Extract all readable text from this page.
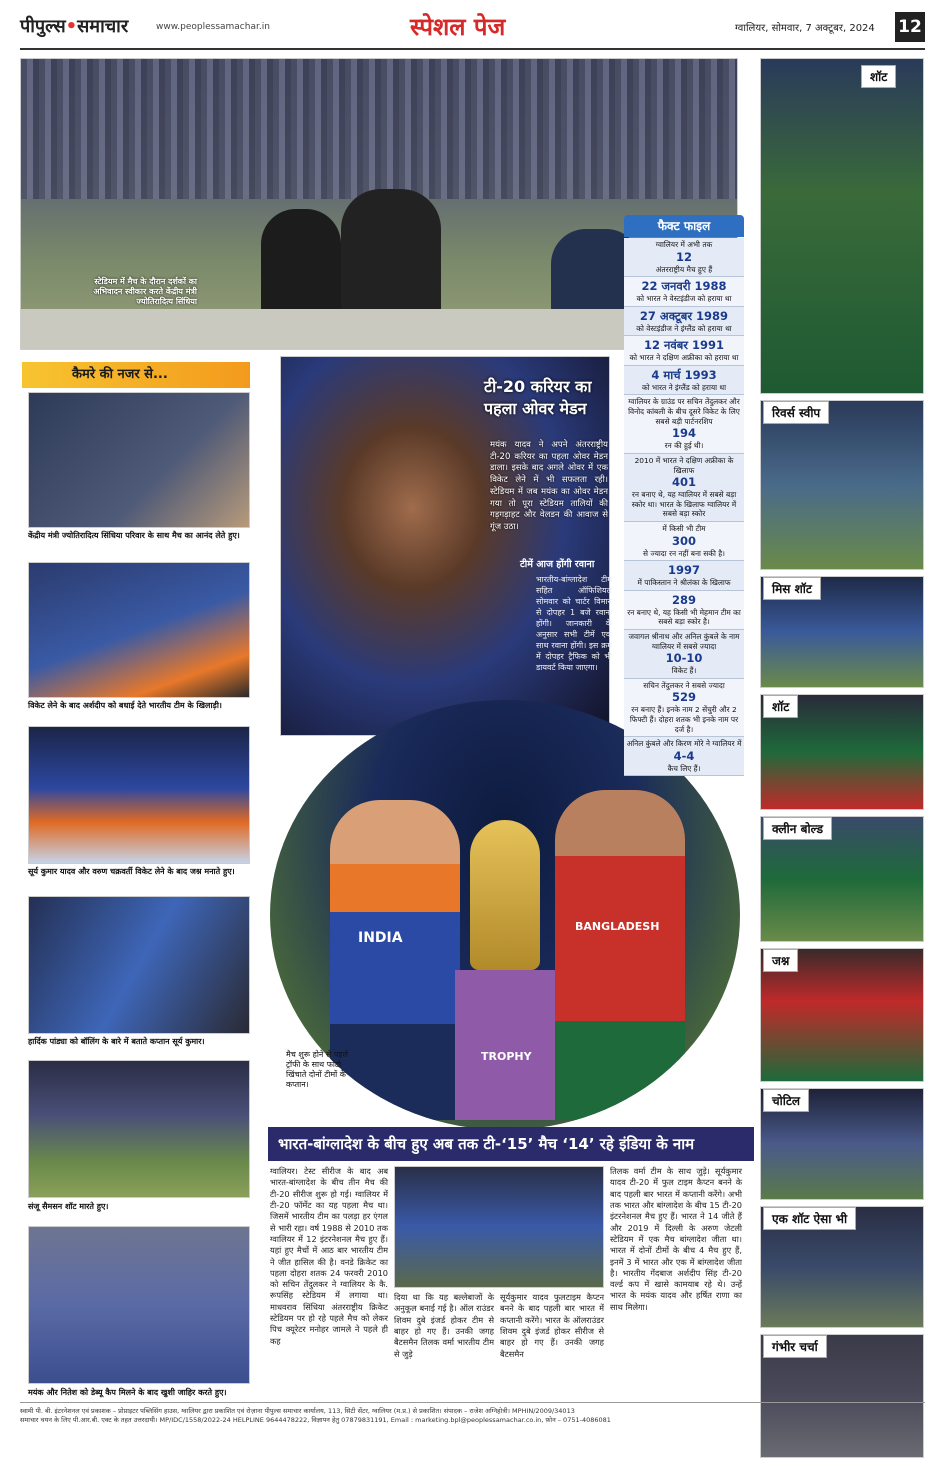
पीपुल्स•समाचार	www.peoplessamachar.in	स्पेशल पेज	ग्वालियर, सोमवार, 7 अक्टूबर, 2024 12
स्टेडियम में मैच के दौरान दर्शकों का अभिवादन स्वीकार करते केंद्रीय मंत्री ज्योतिरादित्य सिंधिया
कैमरे की नजर से...
केंद्रीय मंत्री ज्योतिरादित्य सिंधिया परिवार के साथ मैच का आनंद लेते हुए।
विकेट लेने के बाद अर्शदीप को बधाई देते भारतीय टीम के खिलाड़ी।
सूर्य कुमार यादव और वरुण चक्रवर्ती विकेट लेने के बाद जश्न मनाते हुए।
हार्दिक पांड्या को बॉलिंग के बारे में बताते कप्तान सूर्य कुमार।
संजू सैमसन शॉट मारते हुए।
मयंक और नितेश को डेब्यू कैप मिलने के बाद खुशी जाहिर करते हुए।
टी-20 करियर का पहला ओवर मेडन
मयंक यादव ने अपने अंतरराष्ट्रीय टी-20 करियर का पहला ओवर मेडन डाला। इसके बाद अगले ओवर में एक विकेट लेने में भी सफलता रही। स्टेडियम में जब मयंक का ओवर मेडन गया तो पूरा स्टेडियम तालियों की गड़गड़ाहट और वेलडन की आवाज से गूंज उठा।
टीमें आज होंगी रवाना
भारतीय-बांग्लादेश टीम सहित ऑफिशियल सोमवार को चार्टर विमान से दोपहर 1 बजे रवाना होंगी। जानकारी के अनुसार सभी टीमें एक साथ रवाना होंगी। इस क्रम में दोपहर ट्रैफिक को भी डायवर्ट किया जाएगा।
INDIA
TROPHY
BANGLADESH
मैच शुरू होने से पहले ट्रॉफी के साथ फोटो खिंचाते दोनों टीमों के कप्तान।
फैक्ट फाइल
ग्वालियर में अभी तक
12
अंतरराष्ट्रीय मैच हुए हैं
22 जनवरी 1988
को भारत ने वेस्टइंडीज को हराया था
27 अक्टूबर 1989
को वेस्टइंडीज ने इंग्लैंड को हराया था
12 नवंबर 1991
को भारत ने दक्षिण अफ्रीका को हराया था
4 मार्च 1993
को भारत ने इंग्लैंड को हराया था
ग्वालियर के ग्राउंड पर सचिन तेंदुलकर और विनोद कांबली के बीच दूसरे विकेट के लिए सबसे बड़ी पार्टनरशिप
194
रन की हुई थी।
2010 में भारत ने दक्षिण अफ्रीका के खिलाफ
401
रन बनाए थे, यह ग्वालियर में सबसे बड़ा स्कोर था। भारत के खिलाफ ग्वालियर में सबसे बड़ा स्कोर
में किसी भी टीम
300
से ज्यादा रन नहीं बना सकी है।
1997
में पाकिस्तान ने श्रीलंका के खिलाफ
289
रन बनाए थे, यह किसी भी मेहमान टीम का सबसे बड़ा स्कोर है।
जवागल श्रीनाथ और अनिल कुंबले के नाम ग्वालियर में सबसे ज्यादा
10-10
विकेट हैं।
सचिन तेंदुलकर ने सबसे ज्यादा
529
रन बनाए हैं। इनके नाम 2 सेंचुरी और 2 फिफ्टी हैं। दोहरा शतक भी इनके नाम पर दर्ज है।
अनिल कुंबले और किरण मोरे ने ग्वालियर में
4-4
कैच लिए हैं।
शॉट
रिवर्स स्वीप
मिस शॉट
शॉट
क्लीन बोल्ड
जश्न
चोटिल
एक शॉट ऐसा भी
गंभीर चर्चा
भारत-बांग्लादेश के बीच हुए अब तक टी-‘15’ मैच ‘14’ रहे इंडिया के नाम
ग्वालियर। टेस्ट सीरीज के बाद अब भारत-बांग्लादेश के बीच तीन मैच की टी-20 सीरीज शुरू हो गई। ग्वालियर में टी-20 फॉर्मेट का यह पहला मैच था। जिसमें भारतीय टीम का पलड़ा हर एंगल से भारी रहा। वर्ष 1988 से 2010 तक ग्वालियर में 12 इंटरनेशनल मैच हुए हैं। यहां हुए मैचों में आठ बार भारतीय टीम ने जीत हासिल की है। वनडे क्रिकेट का पहला दोहरा शतक 24 फरवरी 2010 को सचिन तेंदुलकर ने ग्वालियर के कै. रूपसिंह स्टेडियम में लगाया था। माधवराव सिंधिया अंतरराष्ट्रीय क्रिकेट स्टेडियम पर हो रहे पहले मैच को लेकर पिच क्यूरेटर मनोहर जामले ने पहले ही कह
दिया था कि यह बल्लेबाजों के अनुकूल बनाई गई है। ऑल राउंडर शिवम दुबे इंजर्ड होकर टीम से बाहर हो गए हैं। उनकी जगह बैटसमैन तिलक वर्मा भारतीय टीम से जुड़े
सूर्यकुमार यादव फुलटाइम कैप्टन बनने के बाद पहली बार भारत में कप्तानी करेंगे। भारत के ऑलराउंडर शिवम दुबे इंजर्ड होकर सीरीज से बाहर हो गए हैं। उनकी जगह बैटसमैन
तिलक वर्मा टीम के साथ जुड़े। सूर्यकुमार यादव टी-20 में फुल टाइम कैप्टन बनने के बाद पहली बार भारत में कप्तानी करेंगे। अभी तक भारत और बांग्लादेश के बीच 15 टी-20 इंटरनेशनल मैच हुए हैं। भारत ने 14 जीते हैं और 2019 में दिल्ली के अरुण जेटली स्टेडियम में एक मैच बांग्लादेश जीता था। भारत में दोनों टीमों के बीच 4 मैच हुए हैं, इनमें 3 में भारत और एक में बांग्लादेश जीता है। भारतीय गेंदबाज अर्शदीप सिंह टी-20 वर्ल्ड कप में खासे कामयाब रहे थे। उन्हें भारत के मयंक यादव और हर्षित राणा का साथ मिलेगा।
स्वामी पी. बी. इंटरनेशनल एवं प्रकाशक – प्रोप्राइटर पब्लिसिंग हाउस, ग्वालियर द्वारा प्रकाशित एवं रोज़ाना पीपुल्स समाचार कार्यालय, 113, सिटी सेंटर, ग्वालियर (म.प्र.) से प्रकाशित। संपादक – राजेश अग्निहोत्री। MPHIN/2009/34013
समाचार चयन के लिए पी.आर.बी. एक्ट के तहत उत्तरदायी। MP/IDC/1558/2022-24 HELPLINE 9644478222, विज्ञापन हेतु 07879831191, Email : marketing.bpl@peoplessamachar.co.in, फ़ोन – 0751-4086081
